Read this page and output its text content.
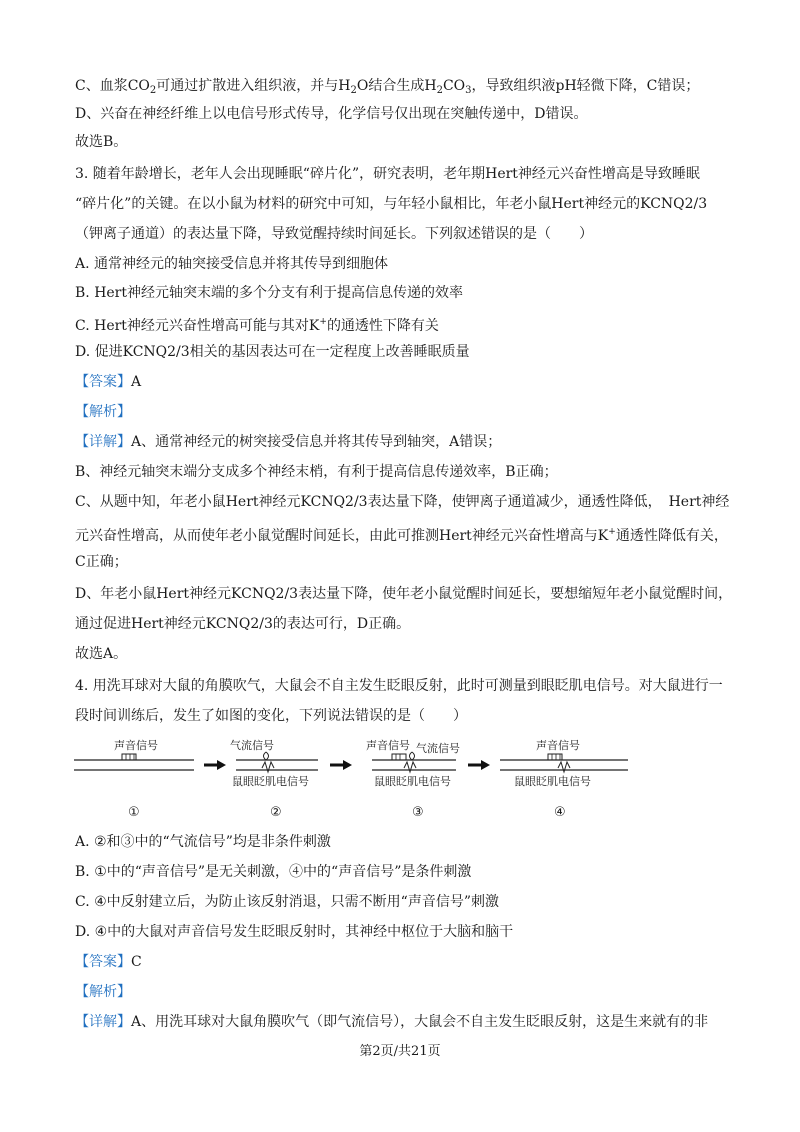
C、血浆$CO_2$可通过扩散进入组织液，并与$H_2O$结合生成$H_2CO_3$，导致组织液pH轻微下降，C错误；
D、兴奋在神经纤维上以电信号形式传导，化学信号仅出现在突触传递中，D错误。
故选B。
3. 随着年龄增长，老年人会出现睡眠“碎片化”，研究表明，老年期Hert神经元兴奋性增高是导致睡眠
“碎片化”的关键。在以小鼠为材料的研究中可知，与年轻小鼠相比，年老小鼠Hert神经元的KCNQ2/3
（钾离子通道）的表达量下降，导致觉醒持续时间延长。下列叙述错误的是（　　）
A. 通常神经元的轴突接受信息并将其传导到细胞体
B. Hert神经元轴突末端的多个分支有利于提高信息传递的效率
C. Hert神经元兴奋性增高可能与其对K+的通透性下降有关
D. 促进KCNQ2/3相关的基因表达可在一定程度上改善睡眠质量
【答案】A
【解析】
【详解】A、通常神经元的树突接受信息并将其传导到轴突，A错误；
B、神经元轴突末端分支成多个神经末梢，有利于提高信息传递效率，B正确；
C、从题中知，年老小鼠Hert神经元KCNQ2/3表达量下降，使钾离子通道减少，通透性降低，　Hert神经
元兴奋性增高，从而使年老小鼠觉醒时间延长，由此可推测Hert神经元兴奋性增高与K+通透性降低有关，
C正确；
D、年老小鼠Hert神经元KCNQ2/3表达量下降，使年老小鼠觉醒时间延长，要想缩短年老小鼠觉醒时间，
通过促进Hert神经元KCNQ2/3的表达可行，D正确。
故选A。
4. 用洗耳球对大鼠的角膜吹气，大鼠会不自主发生眨眼反射，此时可测量到眼眨肌电信号。对大鼠进行一
段时间训练后，发生了如图的变化，下列说法错误的是（　　）
声音信号
①
气流信号
鼠眼眨肌电信号
②
声音信号 气流信号
鼠眼眨肌电信号
③
声音信号
鼠眼眨肌电信号
④
A. ②和③中的“气流信号”均是非条件刺激
B. ①中的“声音信号”是无关刺激，④中的“声音信号”是条件刺激
C. ④中反射建立后，为防止该反射消退，只需不断用“声音信号”刺激
D. ④中的大鼠对声音信号发生眨眼反射时，其神经中枢位于大脑和脑干
【答案】C
【解析】
【详解】A、用洗耳球对大鼠角膜吹气（即气流信号），大鼠会不自主发生眨眼反射，这是生来就有的非
第2页/共21页
